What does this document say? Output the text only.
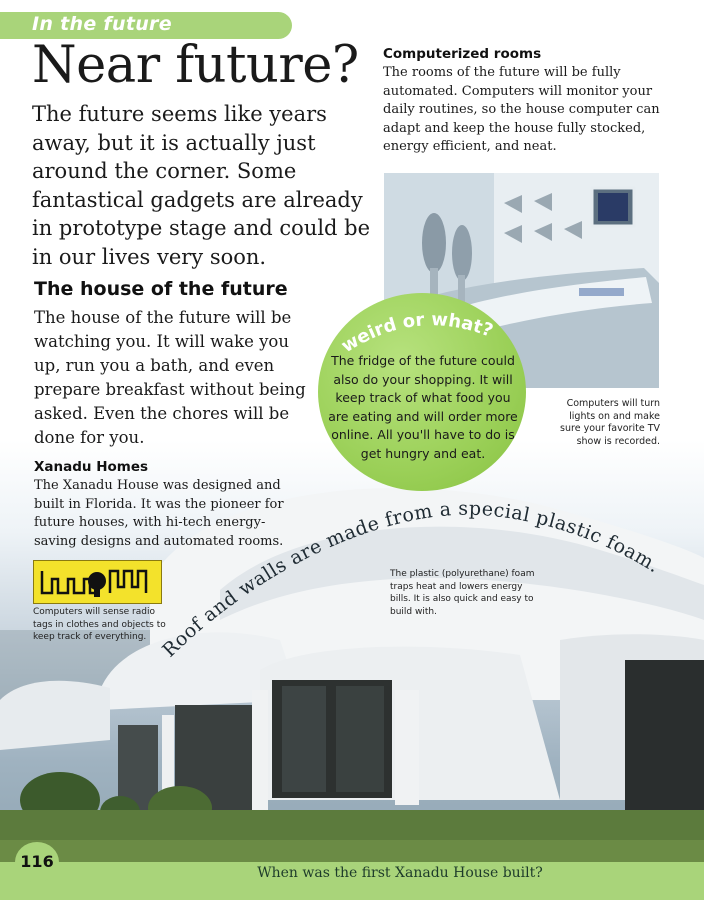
In the future
Near future?
The future seems like years away, but it is actually just around the corner. Some fantastical gadgets are already in prototype stage and could be in our lives very soon.
The house of the future
The house of the future will be watching you. It will wake you up, run you a bath, and even prepare breakfast without being asked. Even the chores will be done for you.
Xanadu Homes
The Xanadu House was designed and built in Florida. It was the pioneer for future houses, with hi-tech energy-saving designs and automated rooms.
Computerized rooms
The rooms of the future will be fully automated. Computers will monitor your daily routines, so the house computer can adapt and keep the house fully stocked, energy efficient, and neat.
Computers will turn lights on and make sure your favorite TV show is recorded.
weird or what?
The fridge of the future could also do your shopping. It will keep track of what food you are eating and will order more online. All you'll have to do is get hungry and eat.
Computers will sense radio tags in clothes and objects to keep track of everything. Roof and walls are made from a special plastic foam.
The plastic (polyurethane) foam traps heat and lowers energy bills. It is also quick and easy to build with.
When was the first Xanadu House built?
116
